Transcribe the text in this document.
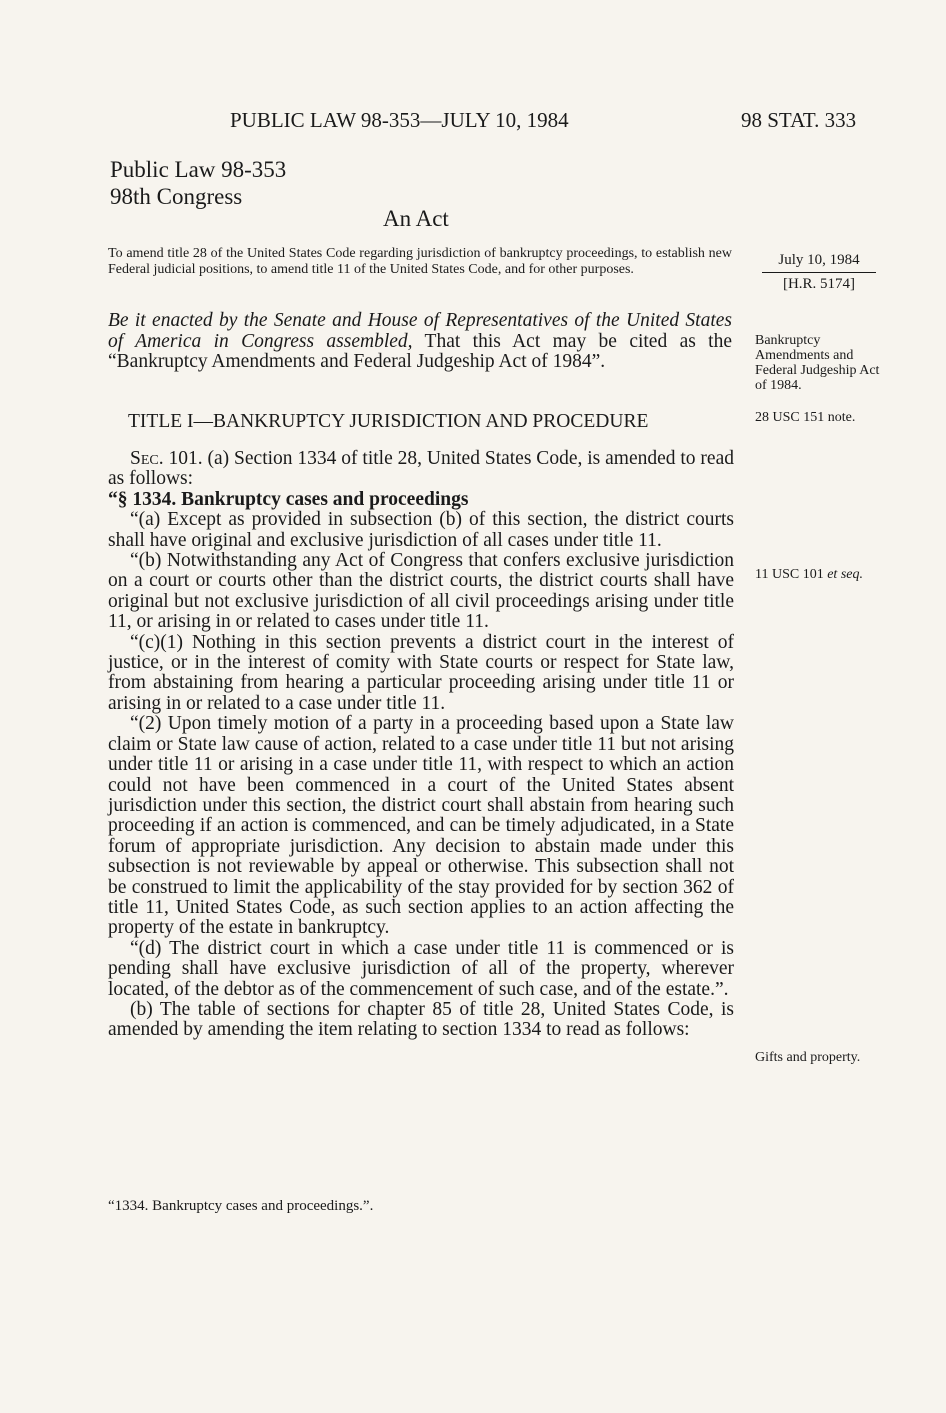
PUBLIC LAW 98-353—JULY 10, 1984	98 STAT. 333
Public Law 98-353
98th Congress
An Act
To amend title 28 of the United States Code regarding jurisdiction of bankruptcy proceedings, to establish new Federal judicial positions, to amend title 11 of the United States Code, and for other purposes.
July 10, 1984
[H.R. 5174]
Be it enacted by the Senate and House of Representatives of the United States of America in Congress assembled, That this Act may be cited as the “Bankruptcy Amendments and Federal Judgeship Act of 1984”.
Bankruptcy Amendments and Federal Judgeship Act of 1984.
28 USC 151 note.
TITLE I—BANKRUPTCY JURISDICTION AND PROCEDURE

Sec. 101. (a) Section 1334 of title 28, United States Code, is amended to read as follows:

“§ 1334. Bankruptcy cases and proceedings

“(a) Except as provided in subsection (b) of this section, the district courts shall have original and exclusive jurisdiction of all cases under title 11.

“(b) Notwithstanding any Act of Congress that confers exclusive jurisdiction on a court or courts other than the district courts, the district courts shall have original but not exclusive jurisdiction of all civil proceedings arising under title 11, or arising in or related to cases under title 11.

“(c)(1) Nothing in this section prevents a district court in the interest of justice, or in the interest of comity with State courts or respect for State law, from abstaining from hearing a particular proceeding arising under title 11 or arising in or related to a case under title 11.

“(2) Upon timely motion of a party in a proceeding based upon a State law claim or State law cause of action, related to a case under title 11 but not arising under title 11 or arising in a case under title 11, with respect to which an action could not have been commenced in a court of the United States absent jurisdiction under this section, the district court shall abstain from hearing such proceeding if an action is commenced, and can be timely adjudicated, in a State forum of appropriate jurisdiction. Any decision to abstain made under this subsection is not reviewable by appeal or otherwise. This subsection shall not be construed to limit the applicability of the stay provided for by section 362 of title 11, United States Code, as such section applies to an action affecting the property of the estate in bankruptcy.

“(d) The district court in which a case under title 11 is commenced or is pending shall have exclusive jurisdiction of all of the property, wherever located, of the debtor as of the commencement of such case, and of the estate.”.

(b) The table of sections for chapter 85 of title 28, United States Code, is amended by amending the item relating to section 1334 to read as follows:

11 USC 101 et seq.
Gifts and property.
“1334. Bankruptcy cases and proceedings.”.
